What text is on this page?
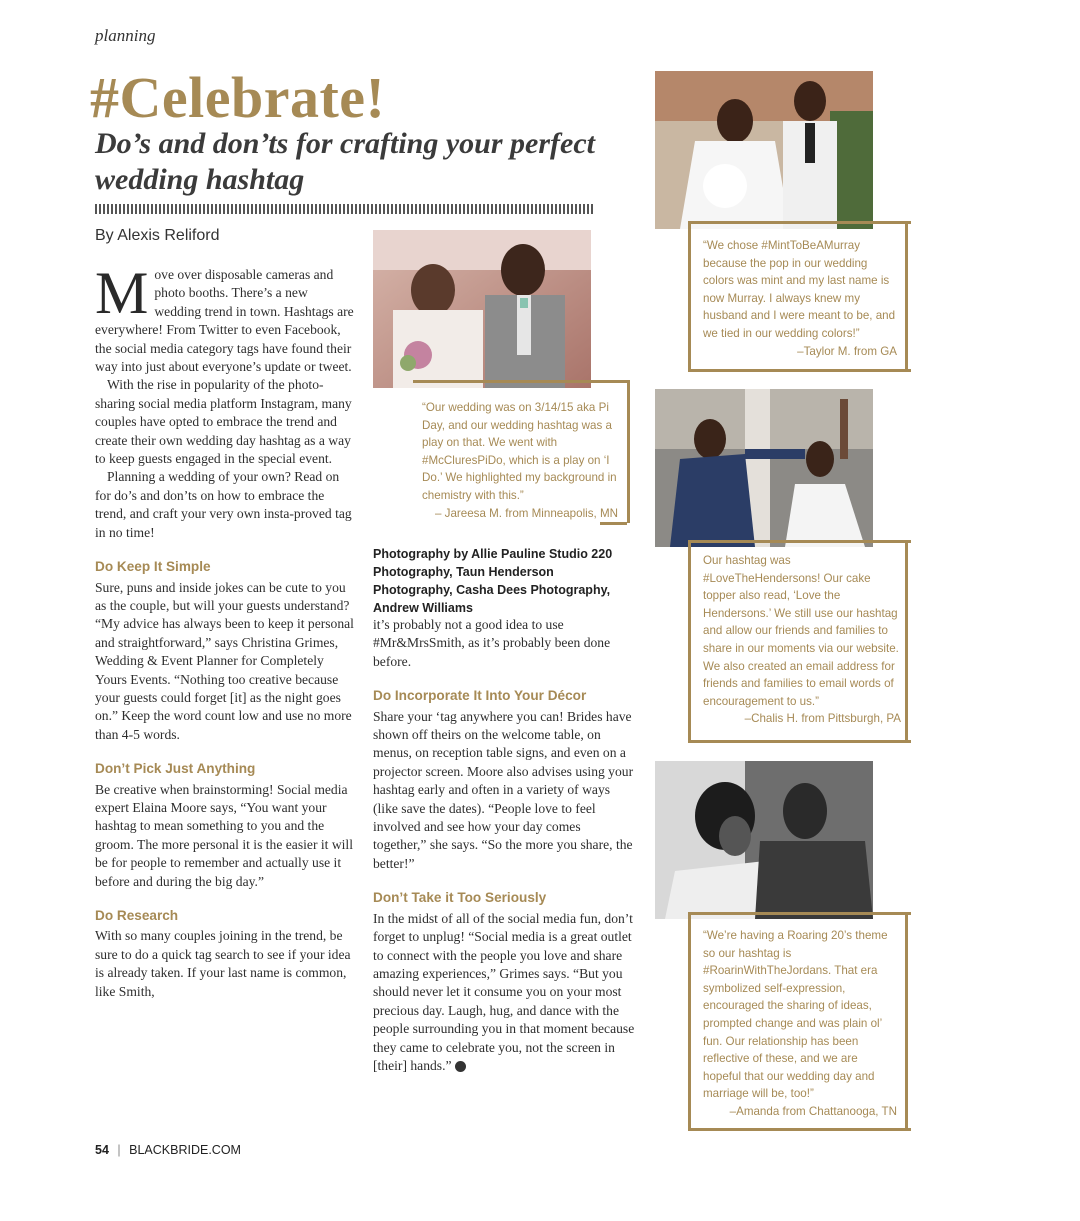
planning
#Celebrate!
Do’s and don’ts for crafting your perfect wedding hashtag
By Alexis Reliford

Move over disposable cameras and photo booths. There’s a new wedding trend in town. Hashtags are everywhere! From Twitter to even Facebook, the social media category tags have found their way into just about everyone’s update or tweet.

With the rise in popularity of the photo-sharing social media platform Instagram, many couples have opted to embrace the trend and create their own wedding day hashtag as a way to keep guests engaged in the special event.

Planning a wedding of your own? Read on for do’s and don’ts on how to embrace the trend, and craft your very own insta-proved tag in no time!

Do Keep It Simple

Sure, puns and inside jokes can be cute to you as the couple, but will your guests understand? “My advice has always been to keep it personal and straightforward,” says Christina Grimes, Wedding & Event Planner for Completely Yours Events. “Nothing too creative because your guests could forget [it] as the night goes on.” Keep the word count low and use no more than 4-5 words.

Don’t Pick Just Anything

Be creative when brainstorming! Social media expert Elaina Moore says, “You want your hashtag to mean something to you and the groom. The more personal it is the easier it will be for people to remember and actually use it before and during the big day.”

Do Research

With so many couples joining in the trend, be sure to do a quick tag search to see if your idea is already taken. If your last name is common, like Smith,

“Our wedding was on 3/14/15 aka Pi Day, and our wedding hashtag was a play on that. We went with #McCluresPiDo, which is a play on ‘I Do.’ We highlighted my background in chemistry with this.”
– Jareesa M. from Minneapolis, MN
Photography by Allie Pauline Studio 220 Photography, Taun Henderson Photography, Casha Dees Photography, Andrew Williams

it’s probably not a good idea to use #Mr&MrsSmith, as it’s probably been done before.

Do Incorporate It Into Your Décor

Share your ‘tag anywhere you can! Brides have shown off theirs on the welcome table, on menus, on reception table signs, and even on a projector screen. Moore also advises using your hashtag early and often in a variety of ways (like save the dates). “People love to feel involved and see how your day comes together,” she says. “So the more you share, the better!”

Don’t Take it Too Seriously

In the midst of all of the social media fun, don’t forget to unplug! “Social media is a great outlet to connect with the people you love and share amazing experiences,” Grimes says. “But you should never let it consume you on your most precious day. Laugh, hug, and dance with the people surrounding you in that moment because they came to celebrate you, not the screen in [their] hands.”

“We chose #MintToBeAMurray because the pop in our wedding colors was mint and my last name is now Murray. I always knew my husband and I were meant to be, and we tied in our wedding colors!”
–Taylor M. from GA
Our hashtag was #LoveTheHendersons! Our cake topper also read, ‘Love the Hendersons.’ We still use our hashtag and allow our friends and families to share in our moments via our website. We also created an email address for friends and families to email words of encouragement to us.”
–Chalis H. from Pittsburgh, PA
“We’re having a Roaring 20’s theme so our hashtag is #RoarinWithTheJordans. That era symbolized self-expression, encouraged the sharing of ideas, prompted change and was plain ol’ fun. Our relationship has been reflective of these, and we are hopeful that our wedding day and marriage will be, too!”
–Amanda from Chattanooga, TN
54 | BLACKBRIDE.COM
